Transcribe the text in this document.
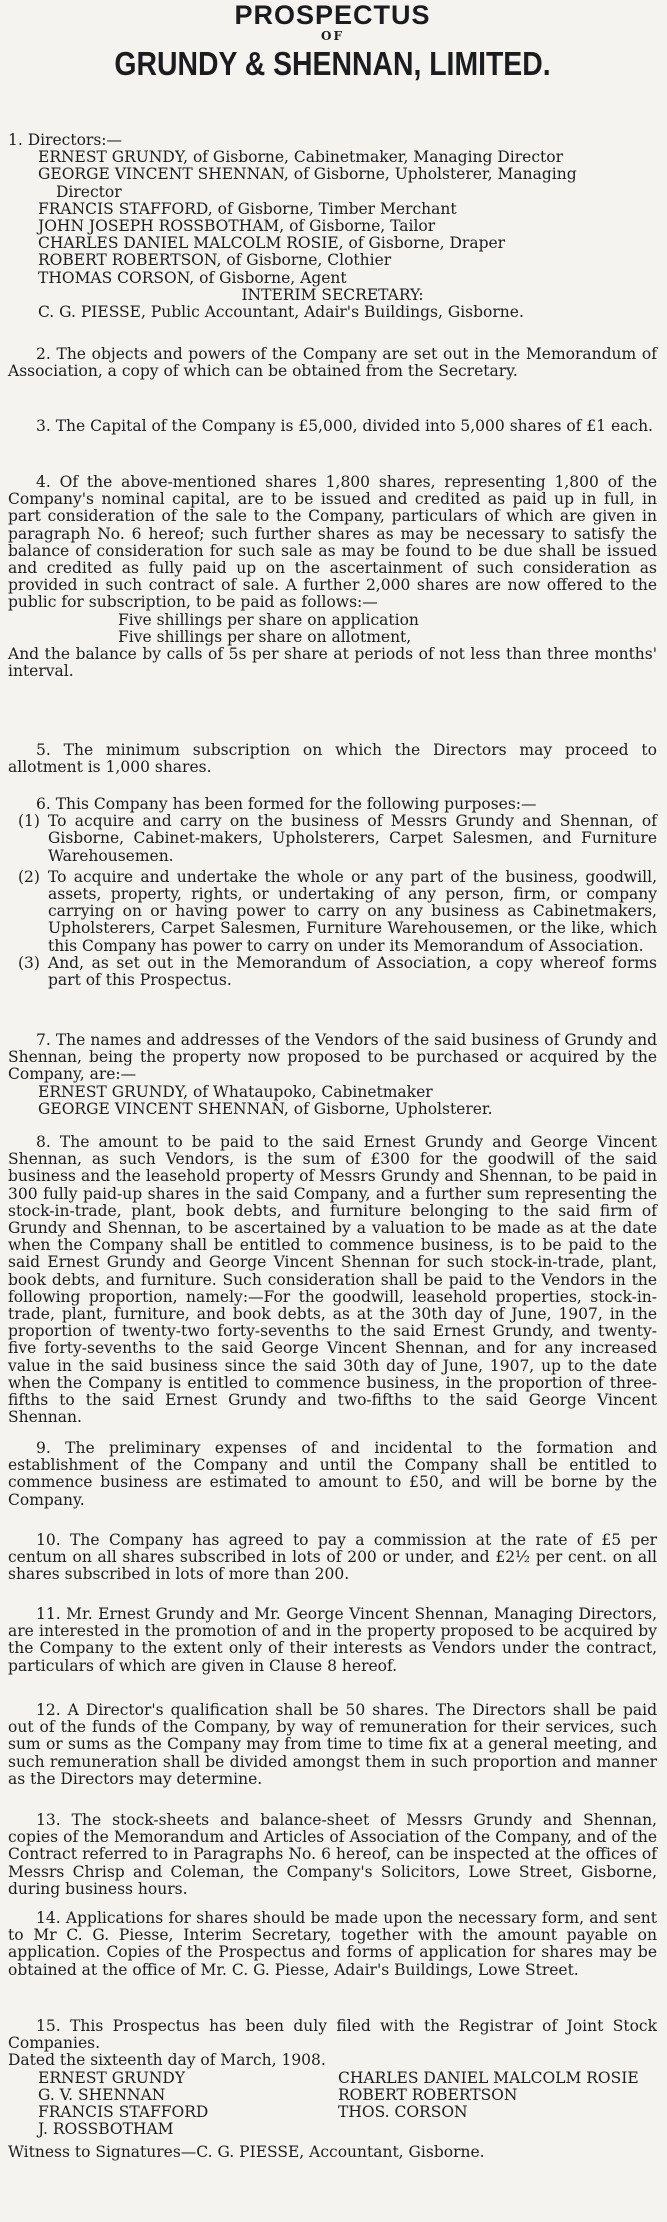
PROSPECTUS
OF
GRUNDY & SHENNAN, LIMITED.

1. Directors:—

ERNEST GRUNDY, of Gisborne, Cabinetmaker, Managing Director
GEORGE VINCENT SHENNAN, of Gisborne, Upholsterer, Managing
Director
FRANCIS STAFFORD, of Gisborne, Timber Merchant
JOHN JOSEPH ROSSBOTHAM, of Gisborne, Tailor
CHARLES DANIEL MALCOLM ROSIE, of Gisborne, Draper
ROBERT ROBERTSON, of Gisborne, Clothier
THOMAS CORSON, of Gisborne, Agent
INTERIM SECRETARY:
C. G. PIESSE, Public Accountant, Adair's Buildings, Gisborne.

2. The objects and powers of the Company are set out in the Memorandum of Association, a copy of which can be obtained from the Secretary.

3. The Capital of the Company is £5,000, divided into 5,000 shares of £1 each.

4. Of the above-mentioned shares 1,800 shares, representing 1,800 of the Company's nominal capital, are to be issued and credited as paid up in full, in part consideration of the sale to the Company, particulars of which are given in paragraph No. 6 hereof; such further shares as may be necessary to satisfy the balance of consideration for such sale as may be found to be due shall be issued and credited as fully paid up on the ascertainment of such consideration as provided in such contract of sale. A further 2,000 shares are now offered to the public for subscription, to be paid as follows:—

Five shillings per share on application
Five shillings per share on allotment,

And the balance by calls of 5s per share at periods of not less than three months' interval.

5. The minimum subscription on which the Directors may proceed to allotment is 1,000 shares.

6. This Company has been formed for the following purposes:—

(1) To acquire and carry on the business of Messrs Grundy and Shennan, of Gisborne, Cabinet-makers, Upholsterers, Carpet Salesmen, and Furniture Warehousemen.
(2) To acquire and undertake the whole or any part of the business, goodwill, assets, property, rights, or undertaking of any person, firm, or company carrying on or having power to carry on any business as Cabinetmakers, Upholsterers, Carpet Salesmen, Furniture Warehousemen, or the like, which this Company has power to carry on under its Memorandum of Association.
(3) And, as set out in the Memorandum of Association, a copy whereof forms part of this Prospectus.

7. The names and addresses of the Vendors of the said business of Grundy and Shennan, being the property now proposed to be purchased or acquired by the Company, are:—

ERNEST GRUNDY, of Whataupoko, Cabinetmaker
GEORGE VINCENT SHENNAN, of Gisborne, Upholsterer.

8. The amount to be paid to the said Ernest Grundy and George Vincent Shennan, as such Vendors, is the sum of £300 for the goodwill of the said business and the leasehold property of Messrs Grundy and Shennan, to be paid in 300 fully paid-up shares in the said Company, and a further sum representing the stock-in-trade, plant, book debts, and furniture belonging to the said firm of Grundy and Shennan, to be ascertained by a valuation to be made as at the date when the Company shall be entitled to commence business, is to be paid to the said Ernest Grundy and George Vincent Shennan for such stock-in-trade, plant, book debts, and furniture. Such consideration shall be paid to the Vendors in the following proportion, namely:—For the goodwill, leasehold properties, stock-in-trade, plant, furniture, and book debts, as at the 30th day of June, 1907, in the proportion of twenty-two forty-sevenths to the said Ernest Grundy, and twenty-five forty-sevenths to the said George Vincent Shennan, and for any increased value in the said business since the said 30th day of June, 1907, up to the date when the Company is entitled to commence business, in the proportion of three-fifths to the said Ernest Grundy and two-fifths to the said George Vincent Shennan.

9. The preliminary expenses of and incidental to the formation and establishment of the Company and until the Company shall be entitled to commence business are estimated to amount to £50, and will be borne by the Company.

10. The Company has agreed to pay a commission at the rate of £5 per centum on all shares subscribed in lots of 200 or under, and £2½ per cent. on all shares subscribed in lots of more than 200.

11. Mr. Ernest Grundy and Mr. George Vincent Shennan, Managing Directors, are interested in the promotion of and in the property proposed to be acquired by the Company to the extent only of their interests as Vendors under the contract, particulars of which are given in Clause 8 hereof.

12. A Director's qualification shall be 50 shares. The Directors shall be paid out of the funds of the Company, by way of remuneration for their services, such sum or sums as the Company may from time to time fix at a general meeting, and such remuneration shall be divided amongst them in such proportion and manner as the Directors may determine.

13. The stock-sheets and balance-sheet of Messrs Grundy and Shennan, copies of the Memorandum and Articles of Association of the Company, and of the Contract referred to in Paragraphs No. 6 hereof, can be inspected at the offices of Messrs Chrisp and Coleman, the Company's Solicitors, Lowe Street, Gisborne, during business hours.

14. Applications for shares should be made upon the necessary form, and sent to Mr C. G. Piesse, Interim Secretary, together with the amount payable on application. Copies of the Prospectus and forms of application for shares may be obtained at the office of Mr. C. G. Piesse, Adair's Buildings, Lowe Street.

15. This Prospectus has been duly filed with the Registrar of Joint Stock Companies.

Dated the sixteenth day of March, 1908.

ERNEST GRUNDY	CHARLES DANIEL MALCOLM ROSIE
G. V. SHENNAN	ROBERT ROBERTSON
FRANCIS STAFFORD	THOS. CORSON
J. ROSSBOTHAM

Witness to Signatures—C. G. PIESSE, Accountant, Gisborne.
